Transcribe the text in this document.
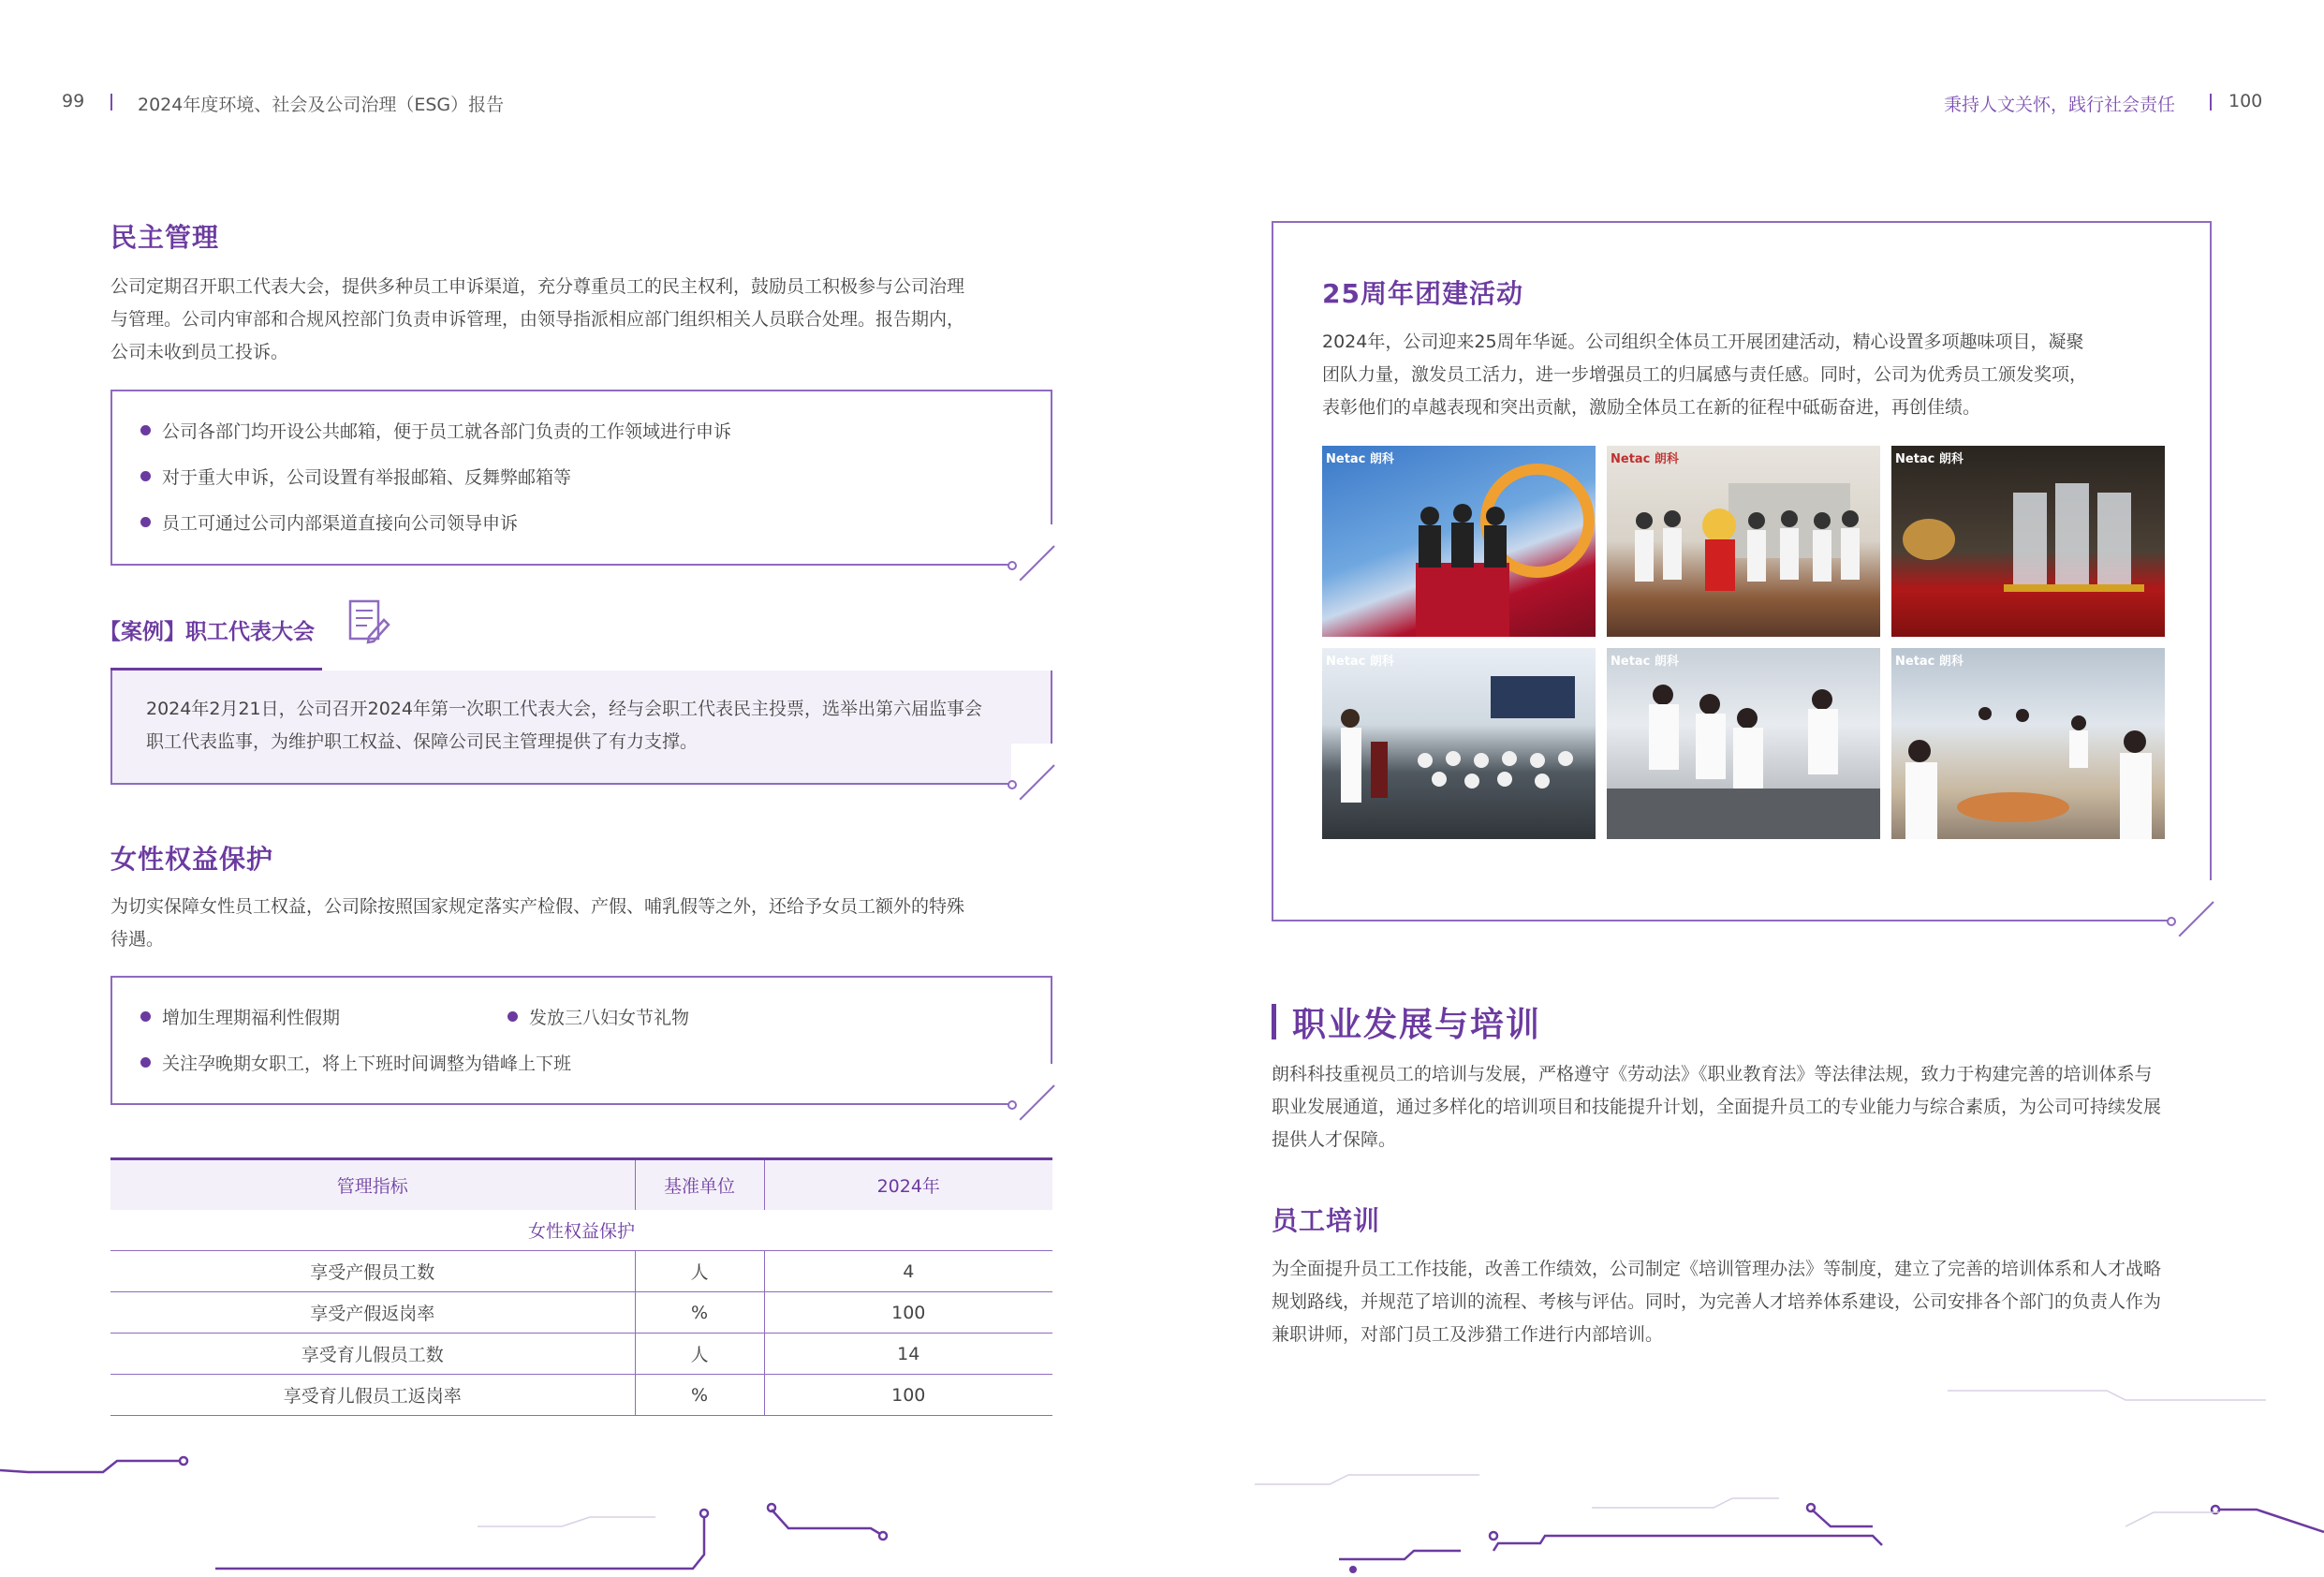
99	2024年度环境、社会及公司治理（ESG）报告	秉持人文关怀，践行社会责任	100
民主管理
公司定期召开职工代表大会，提供多种员工申诉渠道，充分尊重员工的民主权利，鼓励员工积极参与公司治理
与管理。公司内审部和合规风控部门负责申诉管理，由领导指派相应部门组织相关人员联合处理。报告期内，
公司未收到员工投诉。
公司各部门均开设公共邮箱，便于员工就各部门负责的工作领域进行申诉
对于重大申诉，公司设置有举报邮箱、反舞弊邮箱等
员工可通过公司内部渠道直接向公司领导申诉
【案例】职工代表大会
2024年2月21日，公司召开2024年第一次职工代表大会，经与会职工代表民主投票，选举出第六届监事会
职工代表监事，为维护职工权益、保障公司民主管理提供了有力支撑。
女性权益保护
为切实保障女性员工权益，公司除按照国家规定落实产检假、产假、哺乳假等之外，还给予女员工额外的特殊
待遇。
增加生理期福利性假期	发放三八妇女节礼物
关注孕晚期女职工，将上下班时间调整为错峰上下班
管理指标	基准单位	2024年
女性权益保护		
享受产假员工数	人	4
享受产假返岗率	%	100
享受育儿假员工数	人	14
享受育儿假员工返岗率	%	100
25周年团建活动
2024年，公司迎来25周年华诞。公司组织全体员工开展团建活动，精心设置多项趣味项目，凝聚
团队力量，激发员工活力，进一步增强员工的归属感与责任感。同时，公司为优秀员工颁发奖项，
表彰他们的卓越表现和突出贡献，激励全体员工在新的征程中砥砺奋进，再创佳绩。
Netac 朗科	Netac 朗科	Netac 朗科
Netac 朗科	Netac 朗科	Netac 朗科
职业发展与培训
朗科科技重视员工的培训与发展，严格遵守《劳动法》《职业教育法》等法律法规，致力于构建完善的培训体系与
职业发展通道，通过多样化的培训项目和技能提升计划，全面提升员工的专业能力与综合素质，为公司可持续发展
提供人才保障。
员工培训
为全面提升员工工作技能，改善工作绩效，公司制定《培训管理办法》等制度，建立了完善的培训体系和人才战略
规划路线，并规范了培训的流程、考核与评估。同时，为完善人才培养体系建设，公司安排各个部门的负责人作为
兼职讲师，对部门员工及涉猎工作进行内部培训。
